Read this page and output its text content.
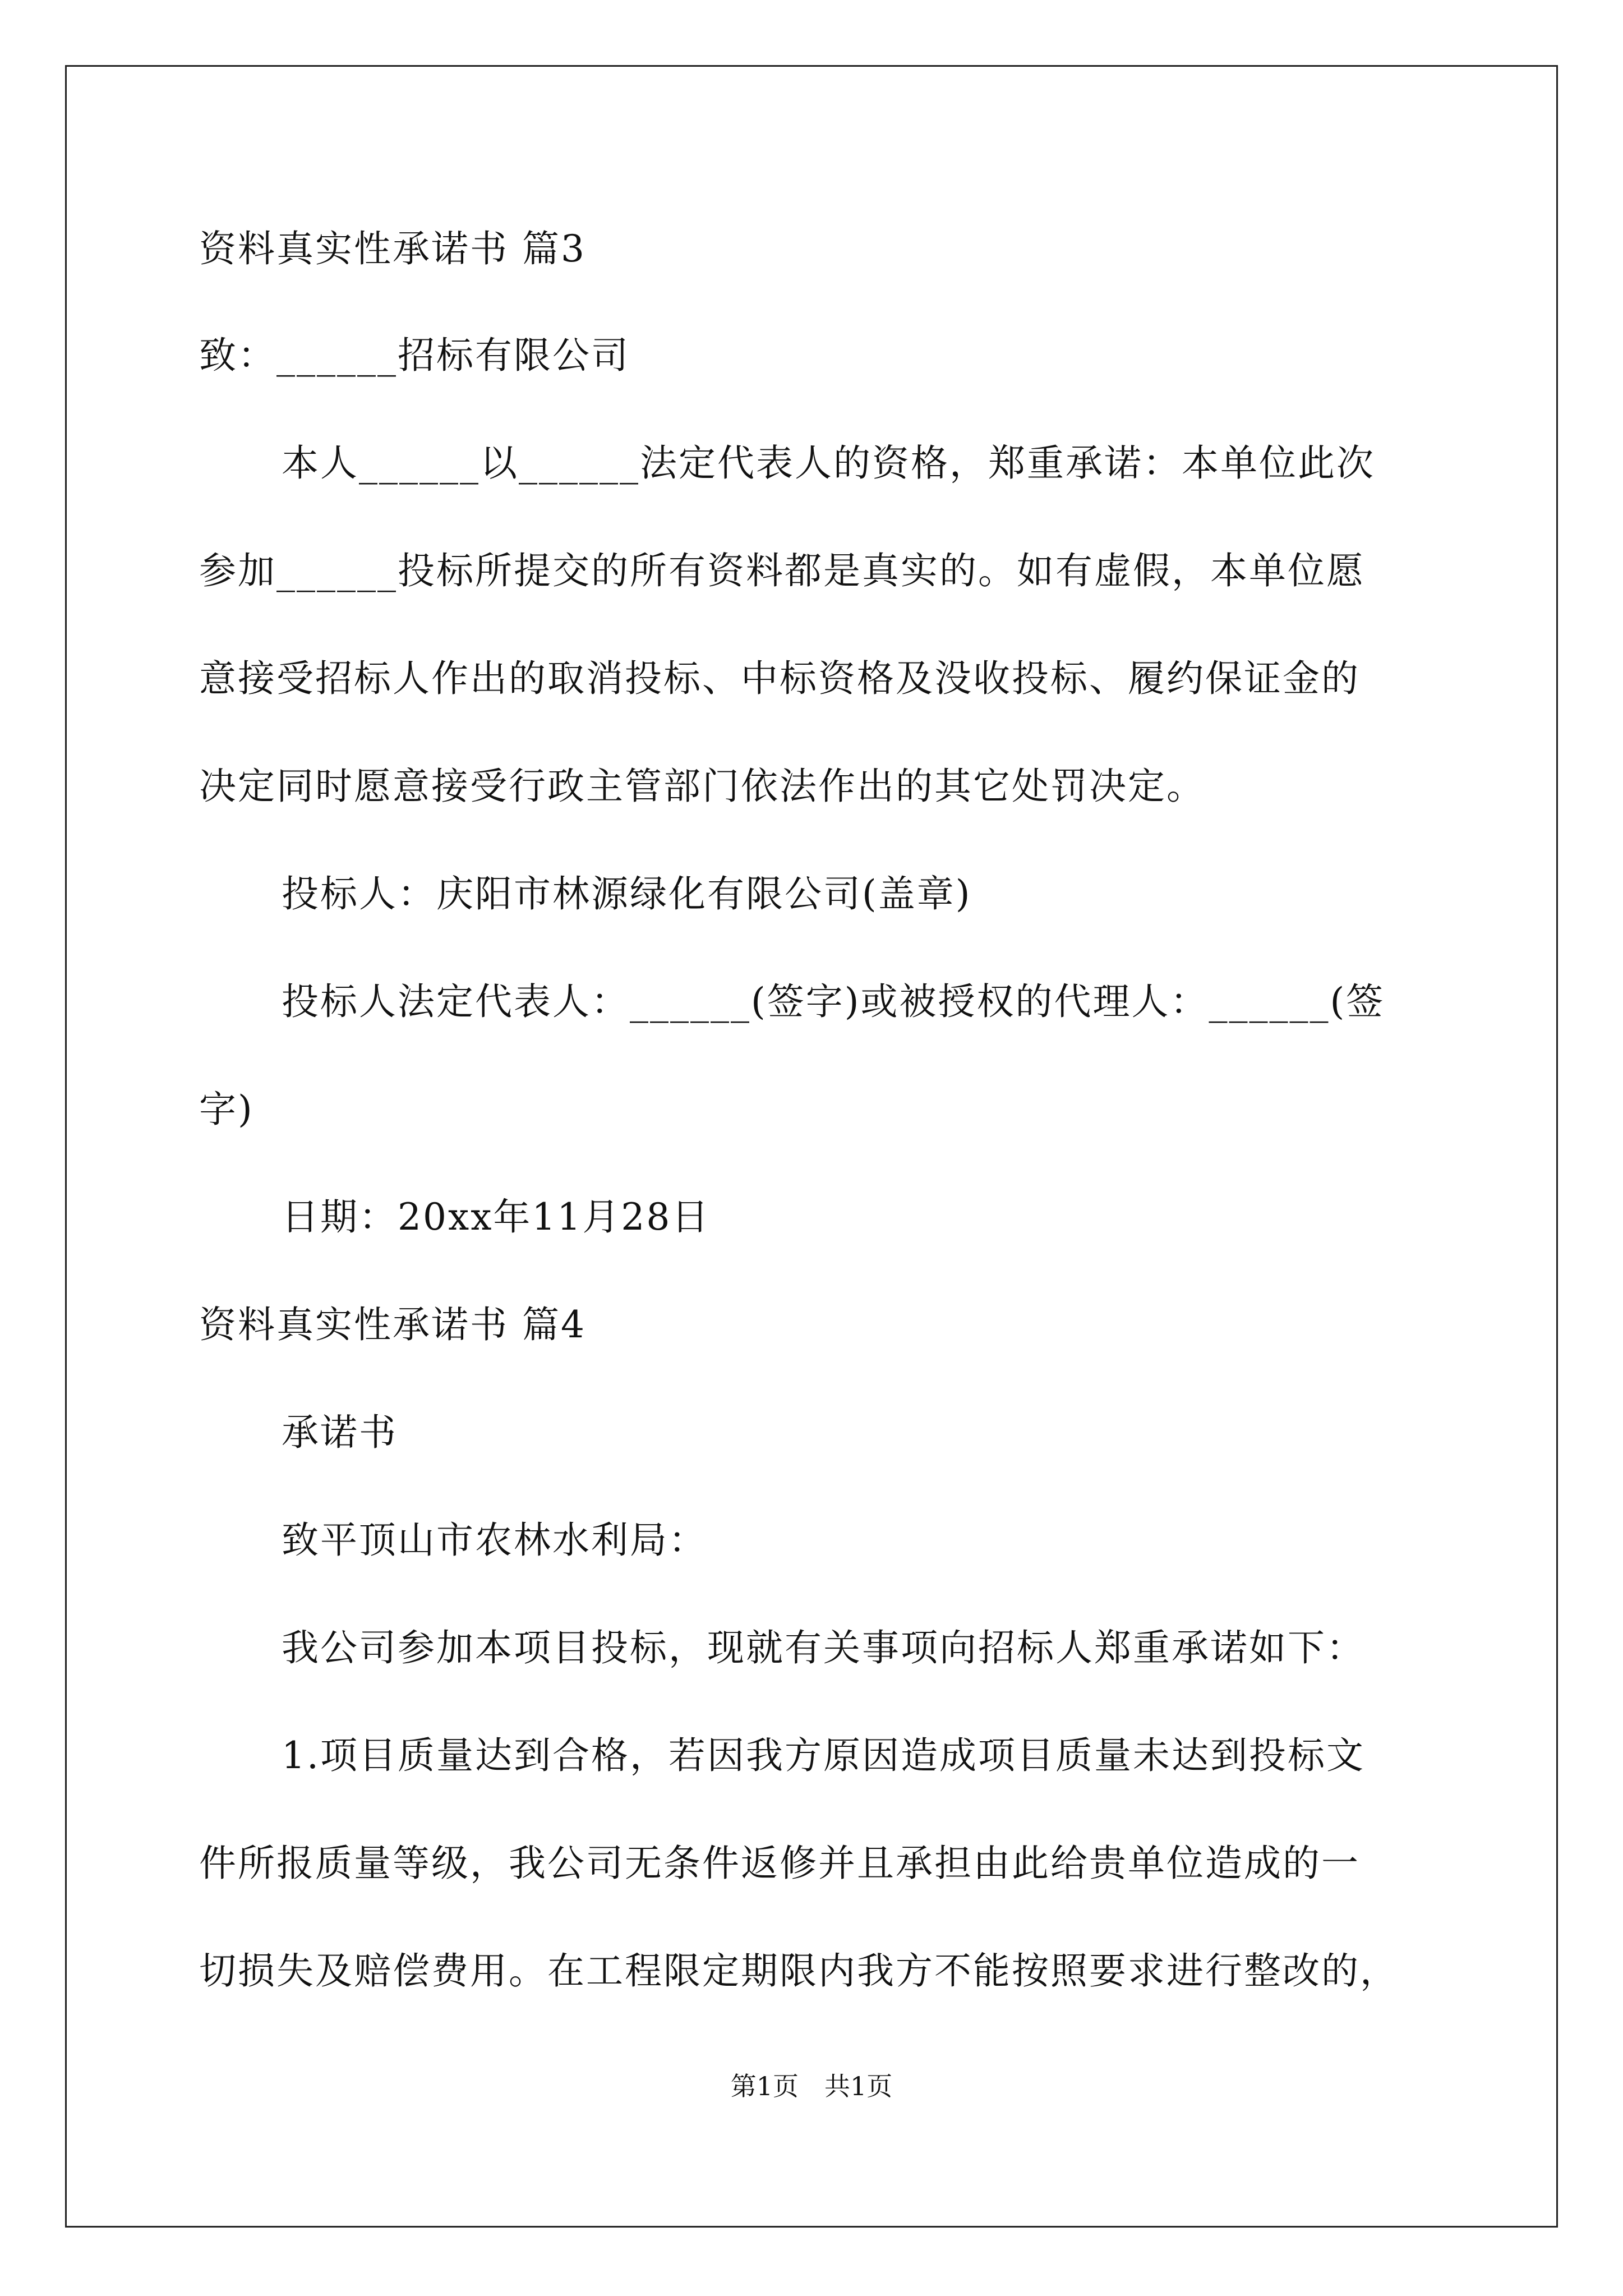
资料真实性承诺书 篇3
致：______招标有限公司
本人______以______法定代表人的资格，郑重承诺：本单位此次
参加______投标所提交的所有资料都是真实的。如有虚假，本单位愿
意接受招标人作出的取消投标、中标资格及没收投标、履约保证金的
决定同时愿意接受行政主管部门依法作出的其它处罚决定。
投标人：庆阳市林源绿化有限公司(盖章)
投标人法定代表人：______(签字)或被授权的代理人：______(签
字)
日期：20xx年11月28日
资料真实性承诺书 篇4
承诺书
致平顶山市农林水利局：
我公司参加本项目投标，现就有关事项向招标人郑重承诺如下：
1.项目质量达到合格，若因我方原因造成项目质量未达到投标文
件所报质量等级，我公司无条件返修并且承担由此给贵单位造成的一
切损失及赔偿费用。在工程限定期限内我方不能按照要求进行整改的，
第1页　共1页
